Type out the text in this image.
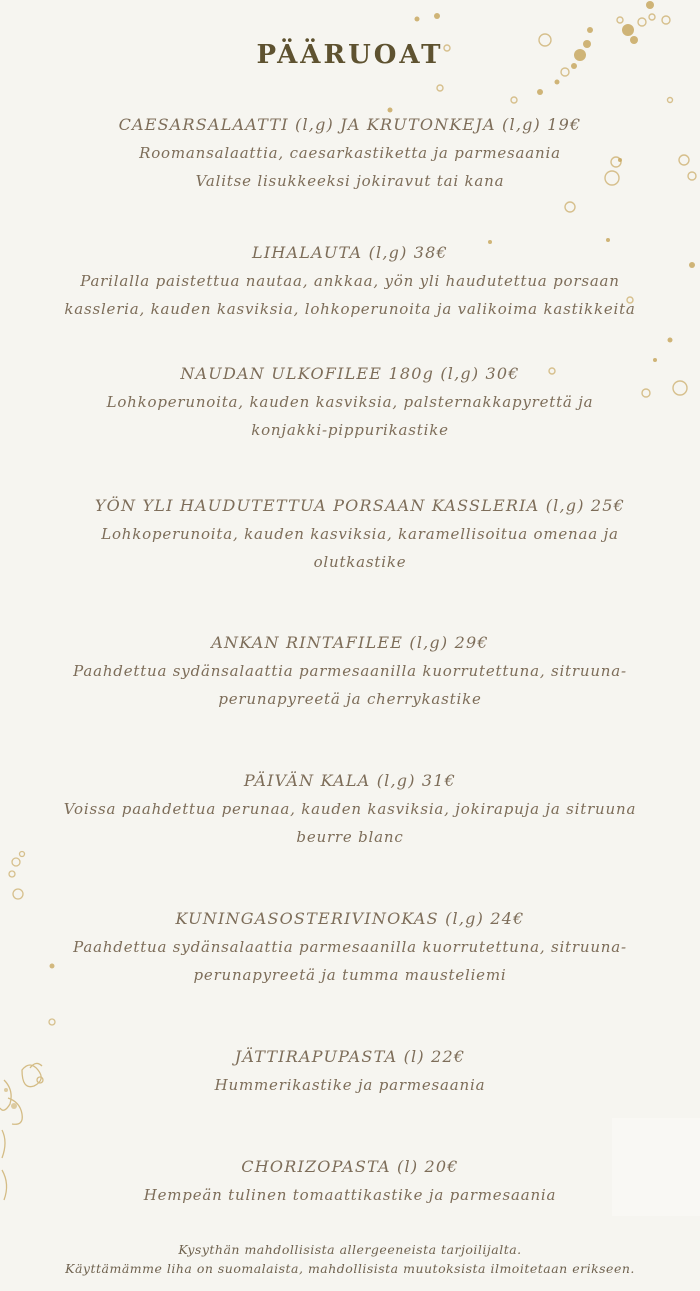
PÄÄRUOAT
CAESARSALAATTI (l,g) JA KRUTONKEJA (l,g) 19€
Roomansalaattia, caesarkastiketta ja parmesaania
Valitse lisukkeeksi jokiravut tai kana
LIHALAUTA (l,g) 38€
Parilalla paistettua nautaa, ankkaa, yön yli haudutettua porsaan
kassleria, kauden kasviksia, lohkoperunoita ja valikoima kastikkeita
NAUDAN ULKOFILEE 180g (l,g) 30€
Lohkoperunoita, kauden kasviksia, palsternakkapyrettä ja
konjakki-pippurikastike
YÖN YLI HAUDUTETTUA PORSAAN KASSLERIA (l,g) 25€
Lohkoperunoita, kauden kasviksia, karamellisoitua omenaa ja
olutkastike
ANKAN RINTAFILEE (l,g) 29€
Paahdettua sydänsalaattia parmesaanilla kuorrutettuna, sitruuna-
perunapyreetä ja cherrykastike
PÄIVÄN KALA (l,g) 31€
Voissa paahdettua perunaa, kauden kasviksia, jokirapuja ja sitruuna
beurre blanc
KUNINGASOSTERIVINOKAS (l,g) 24€
Paahdettua sydänsalaattia parmesaanilla kuorrutettuna, sitruuna-
perunapyreetä ja tumma mausteliemi
JÄTTIRAPUPASTA (l) 22€
Hummerikastike ja parmesaania
CHORIZOPASTA (l) 20€
Hempeän tulinen tomaattikastike ja parmesaania
Kysythän mahdollisista allergeeneista tarjoilijalta.
Käyttämämme liha on suomalaista, mahdollisista muutoksista ilmoitetaan erikseen.
